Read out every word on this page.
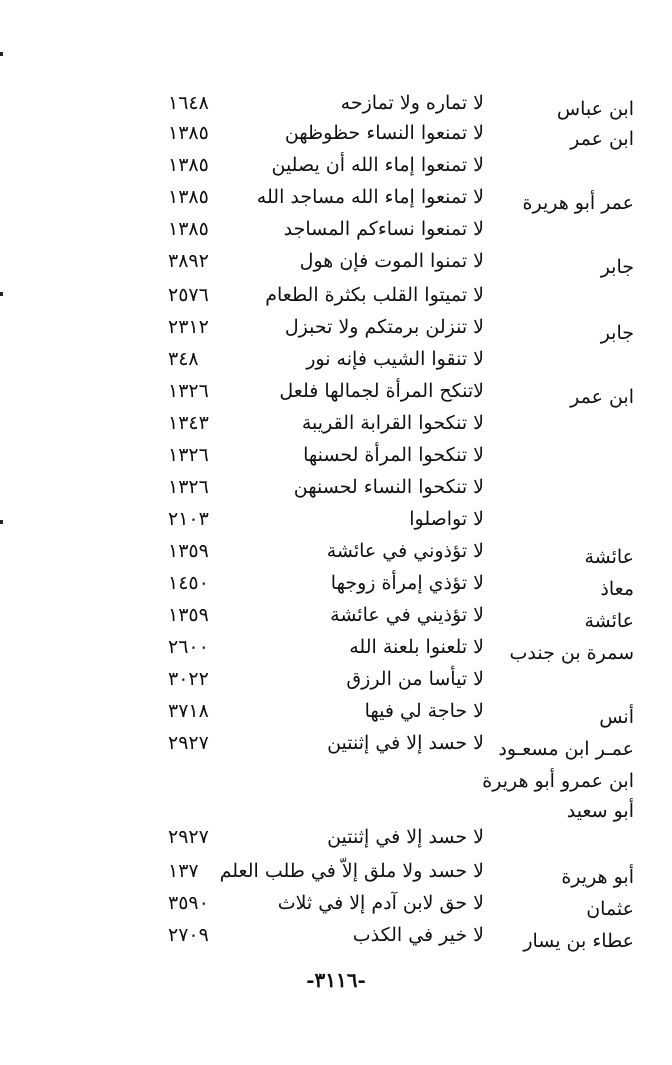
ابن عباس
لا تماره ولا تمازحه
١٦٤٨
ابن عمر
لا تمنعوا النساء حظوظهن
١٣٨٥
لا تمنعوا إماء الله أن يصلين
١٣٨٥
عمر أبو هريرة
لا تمنعوا إماء الله مساجد الله
١٣٨٥
لا تمنعوا نساءكم المساجد
١٣٨٥
جابر
لا تمنوا الموت فإن هول
٣٨٩٢
لا تميتوا القلب بكثرة الطعام
٢٥٧٦
جابر
لا تنزلن برمتكم ولا تحبزل
٢٣١٢
لا تنقوا الشيب فإنه نور
٣٤٨
ابن عمر
لاتنكح المرأة لجمالها فلعل
١٣٢٦
لا تنكحوا القرابة القريبة
١٣٤٣
لا تنكحوا المرأة لحسنها
١٣٢٦
لا تنكحوا النساء لحسنهن
١٣٢٦
لا تواصلوا
٢١٠٣
عائشة
لا تؤذوني في عائشة
١٣٥٩
معاذ
لا تؤذي إمرأة زوجها
١٤٥٠
عائشة
لا تؤذيني في عائشة
١٣٥٩
سمرة بن جندب
لا تلعنوا بلعنة الله
٢٦٠٠
لا تيأسا من الرزق
٣٠٢٢
أنس
لا حاجة لي فيها
٣٧١٨
عمـر ابن مسعـود
لا حسد إلا في إثنتين
٢٩٢٧
ابن عمرو أبو هريرة
أبو سعيد
لا حسد إلا في إثنتين
٢٩٢٧
أبو هريرة
لا حسد ولا ملق إلاّ في طلب العلم
١٣٧
عثمان
لا حق لابن آدم إلا في ثلاث
٣٥٩٠
عطاء بن يسار
لا خير في الكذب
٢٧٠٩
-٣١١٦-
